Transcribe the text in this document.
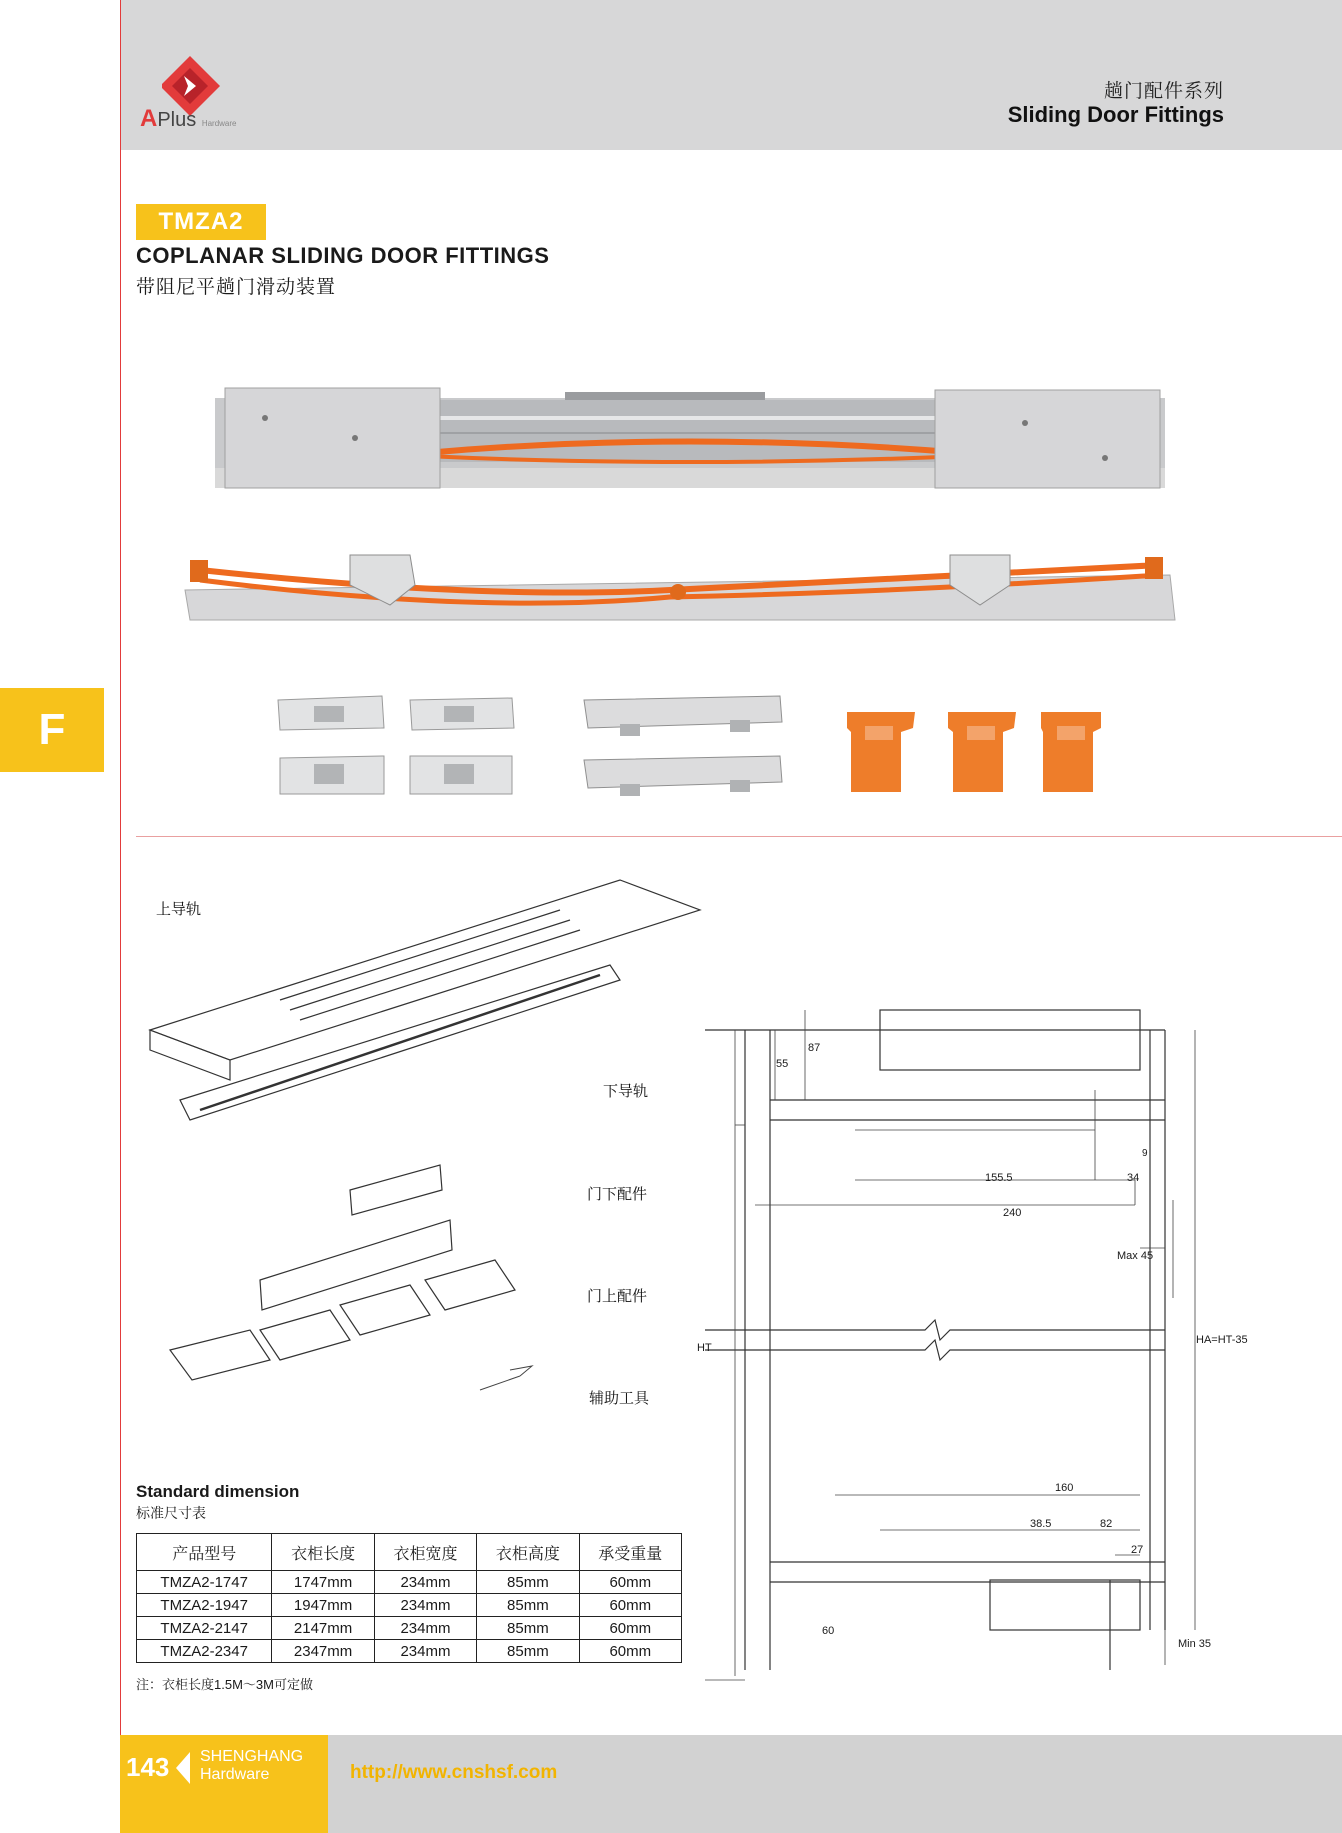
APlus Hardware
趟门配件系列
Sliding Door Fittings
F
TMZA2
COPLANAR SLIDING DOOR FITTINGS
带阻尼平趟门滑动装置
上导轨
下导轨
门下配件
门上配件
辅助工具
87
55
9
155.5	34
240
Max 45
HT
HA=HT-35
160
38.5	82
27
60
Min 35
Standard dimension
标准尺寸表
产品型号	衣柜长度	衣柜宽度	衣柜高度	承受重量
TMZA2-1747	1747mm	234mm	85mm	60mm
TMZA2-1947	1947mm	234mm	85mm	60mm
TMZA2-2147	2147mm	234mm	85mm	60mm
TMZA2-2347	2347mm	234mm	85mm	60mm
注：衣柜长度1.5M～3M可定做
143 SHENGHANG
Hardware	http://www.cnshsf.com
